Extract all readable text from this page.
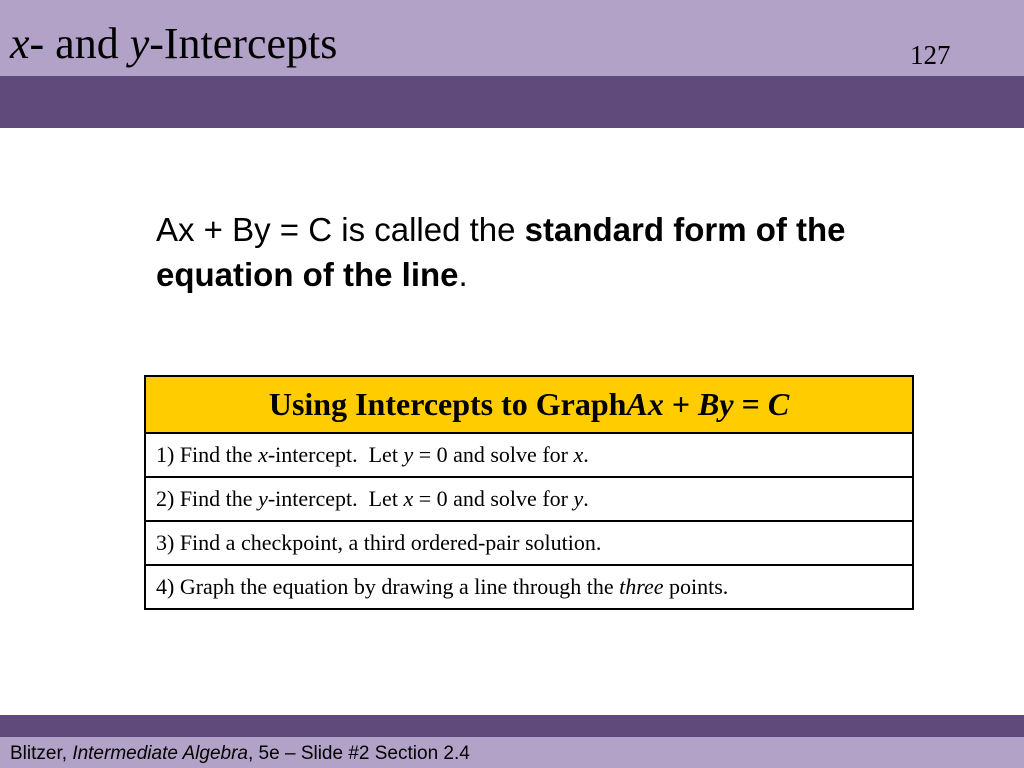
x- and y-Intercepts	127
Ax + By = C is called the standard form of the equation of the line.
Using Intercepts to Graph Ax + By = C
1) Find the x -intercept.  Let y = 0 and solve for x .
2) Find the y -intercept.  Let x = 0 and solve for y .
3) Find a checkpoint, a third ordered-pair solution.
4) Graph the equation by drawing a line through the three points.
Blitzer, Intermediate Algebra, 5e – Slide #2 Section 2.4
